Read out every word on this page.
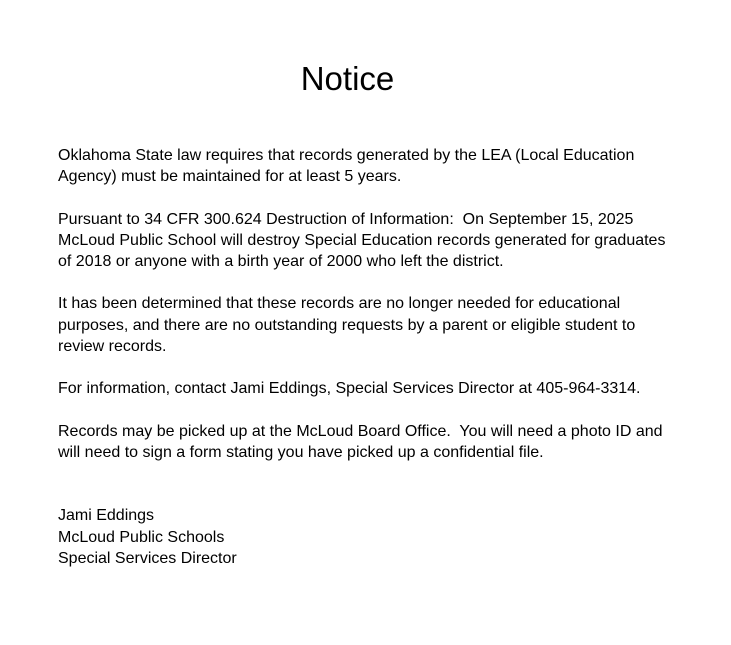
Notice

Oklahoma State law requires that records generated by the LEA (Local Education Agency) must be maintained for at least 5 years.

Pursuant to 34 CFR 300.624 Destruction of Information:  On September 15, 2025 McLoud Public School will destroy Special Education records generated for graduates of 2018 or anyone with a birth year of 2000 who left the district.

It has been determined that these records are no longer needed for educational purposes, and there are no outstanding requests by a parent or eligible student to review records.

For information, contact Jami Eddings, Special Services Director at 405-964-3314.

Records may be picked up at the McLoud Board Office.  You will need a photo ID and will need to sign a form stating you have picked up a confidential file.

Jami Eddings

McLoud Public Schools

Special Services Director
